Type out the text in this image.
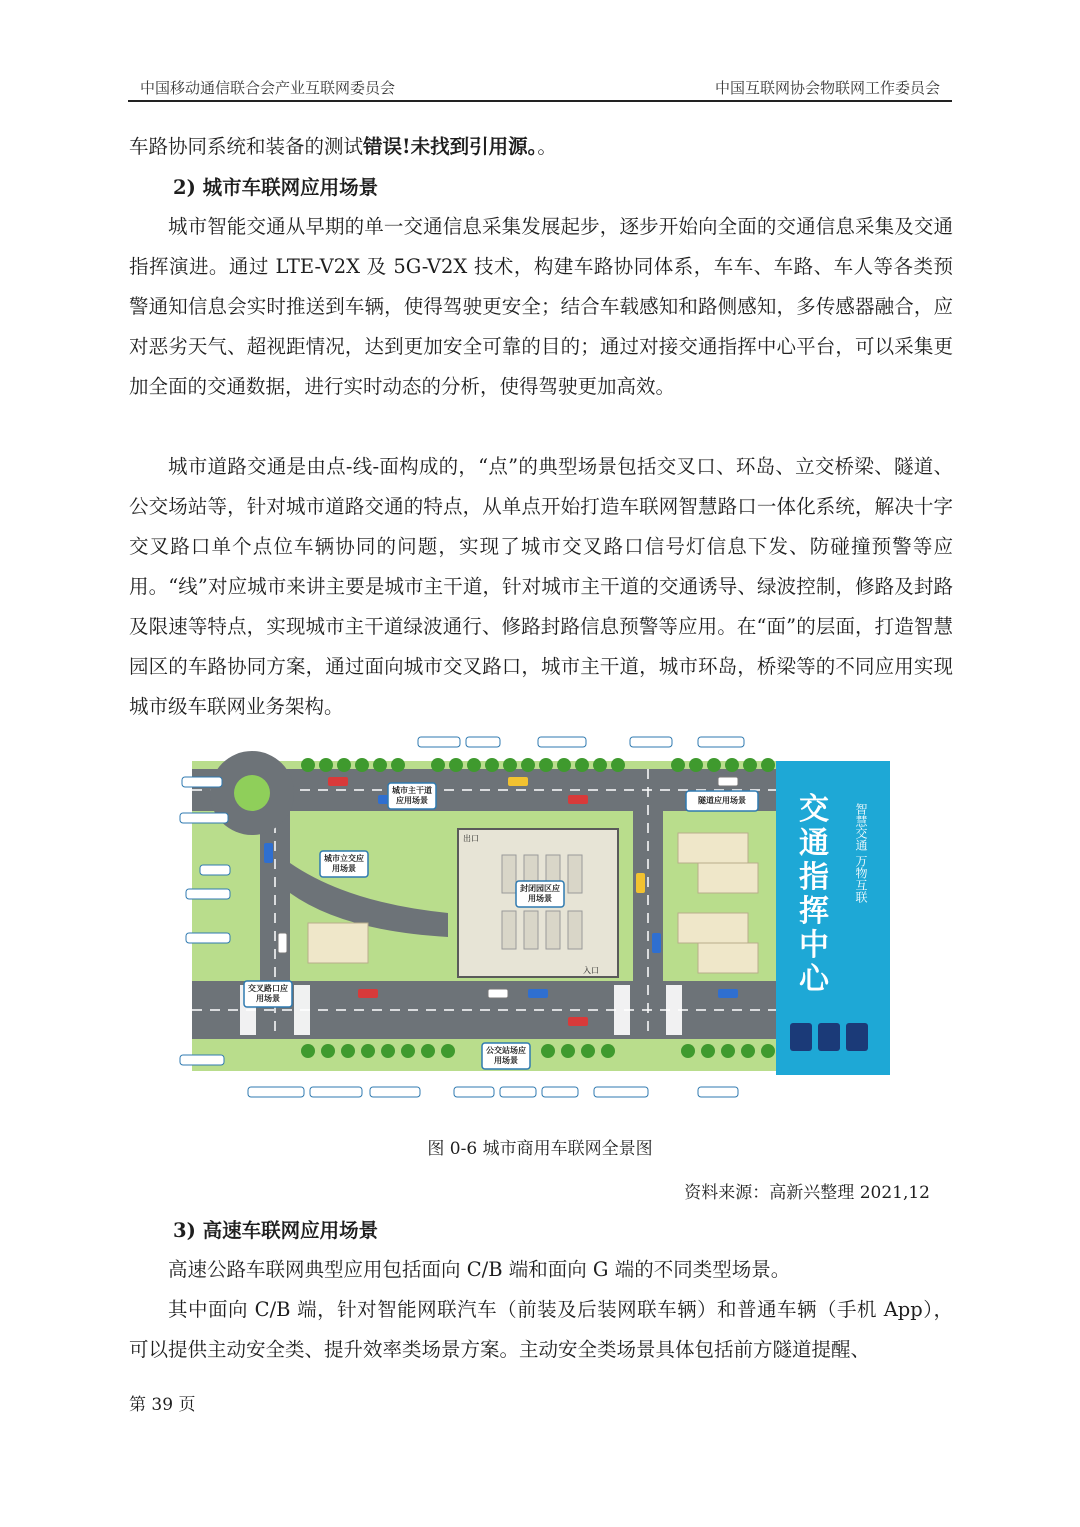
中国移动通信联合会产业互联网委员会	中国互联网协会物联网工作委员会

车路协同系统和装备的测试错误!未找到引用源。。

2) 城市车联网应用场景

城市智能交通从早期的单一交通信息采集发展起步，逐步开始向全面的交通信息采集及交通指挥演进。通过 LTE-V2X 及 5G-V2X 技术，构建车路协同体系，车车、车路、车人等各类预警通知信息会实时推送到车辆，使得驾驶更安全；结合车载感知和路侧感知，多传感器融合，应对恶劣天气、超视距情况，达到更加安全可靠的目的；通过对接交通指挥中心平台，可以采集更加全面的交通数据，进行实时动态的分析，使得驾驶更加高效。

城市道路交通是由点-线-面构成的，“点”的典型场景包括交叉口、环岛、立交桥梁、隧道、公交场站等，针对城市道路交通的特点，从单点开始打造车联网智慧路口一体化系统，解决十字交叉路口单个点位车辆协同的问题，实现了城市交叉路口信号灯信息下发、防碰撞预警等应用。“线”对应城市来讲主要是城市主干道，针对城市主干道的交通诱导、绿波控制，修路及封路及限速等特点，实现城市主干道绿波通行、修路封路信息预警等应用。在“面”的层面，打造智慧园区的车路协同方案，通过面向城市交叉路口，城市主干道，城市环岛，桥梁等的不同应用实现城市级车联网业务架构。

交通指挥中心
智慧交通 万物互联
城市主干道应用场景
城市立交应用场景
封闭园区应用场景
隧道应用场景
交叉路口应用场景
公交站场应用场景
出口
入口
图 0-6 城市商用车联网全景图
资料来源：高新兴整理 2021,12

3) 高速车联网应用场景

高速公路车联网典型应用包括面向 C/B 端和面向 G 端的不同类型场景。

其中面向 C/B 端，针对智能网联汽车（前装及后装网联车辆）和普通车辆（手机 App），可以提供主动安全类、提升效率类场景方案。主动安全类场景具体包括前方隧道提醒、

第 39 页
